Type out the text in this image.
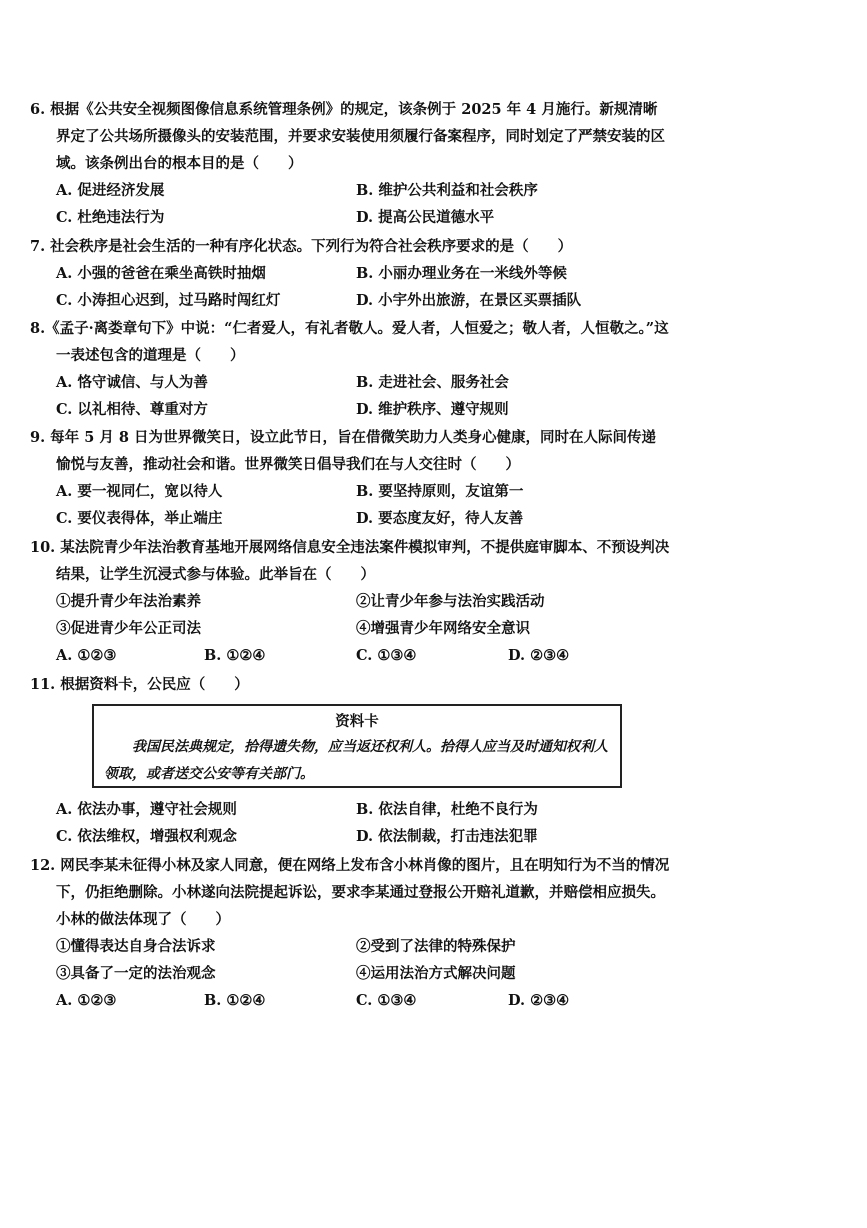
6. 根据《公共安全视频图像信息系统管理条例》的规定，该条例于 2025 年 4 月施行。新规清晰界定了公共场所摄像头的安装范围，并要求安装使用须履行备案程序，同时划定了严禁安装的区域。该条例出台的根本目的是（　　）

A. 促进经济发展	B. 维护公共利益和社会秩序
C. 杜绝违法行为	D. 提高公民道德水平

7. 社会秩序是社会生活的一种有序化状态。下列行为符合社会秩序要求的是（　　）

A. 小强的爸爸在乘坐高铁时抽烟	B. 小丽办理业务在一米线外等候
C. 小涛担心迟到，过马路时闯红灯	D. 小宇外出旅游，在景区买票插队

8.《孟子·离娄章句下》中说：“仁者爱人，有礼者敬人。爱人者，人恒爱之；敬人者，人恒敬之。”这一表述包含的道理是（　　）

A. 恪守诚信、与人为善	B. 走进社会、服务社会
C. 以礼相待、尊重对方	D. 维护秩序、遵守规则

9. 每年 5 月 8 日为世界微笑日，设立此节日，旨在借微笑助力人类身心健康，同时在人际间传递愉悦与友善，推动社会和谐。世界微笑日倡导我们在与人交往时（　　）

A. 要一视同仁，宽以待人	B. 要坚持原则，友谊第一
C. 要仪表得体，举止端庄	D. 要态度友好，待人友善

10. 某法院青少年法治教育基地开展网络信息安全违法案件模拟审判，不提供庭审脚本、不预设判决结果，让学生沉浸式参与体验。此举旨在（　　）

①提升青少年法治素养	②让青少年参与法治实践活动
③促进青少年公正司法	④增强青少年网络安全意识
A. ①②③	B. ①②④	C. ①③④	D. ②③④

11. 根据资料卡，公民应（　　）

资料卡

我国民法典规定，拾得遗失物，应当返还权利人。拾得人应当及时通知权利人领取，或者送交公安等有关部门。

A. 依法办事，遵守社会规则	B. 依法自律，杜绝不良行为
C. 依法维权，增强权利观念	D. 依法制裁，打击违法犯罪

12. 网民李某未征得小林及家人同意，便在网络上发布含小林肖像的图片，且在明知行为不当的情况下，仍拒绝删除。小林遂向法院提起诉讼，要求李某通过登报公开赔礼道歉，并赔偿相应损失。小林的做法体现了（　　）

①懂得表达自身合法诉求	②受到了法律的特殊保护
③具备了一定的法治观念	④运用法治方式解决问题
A. ①②③	B. ①②④	C. ①③④	D. ②③④
